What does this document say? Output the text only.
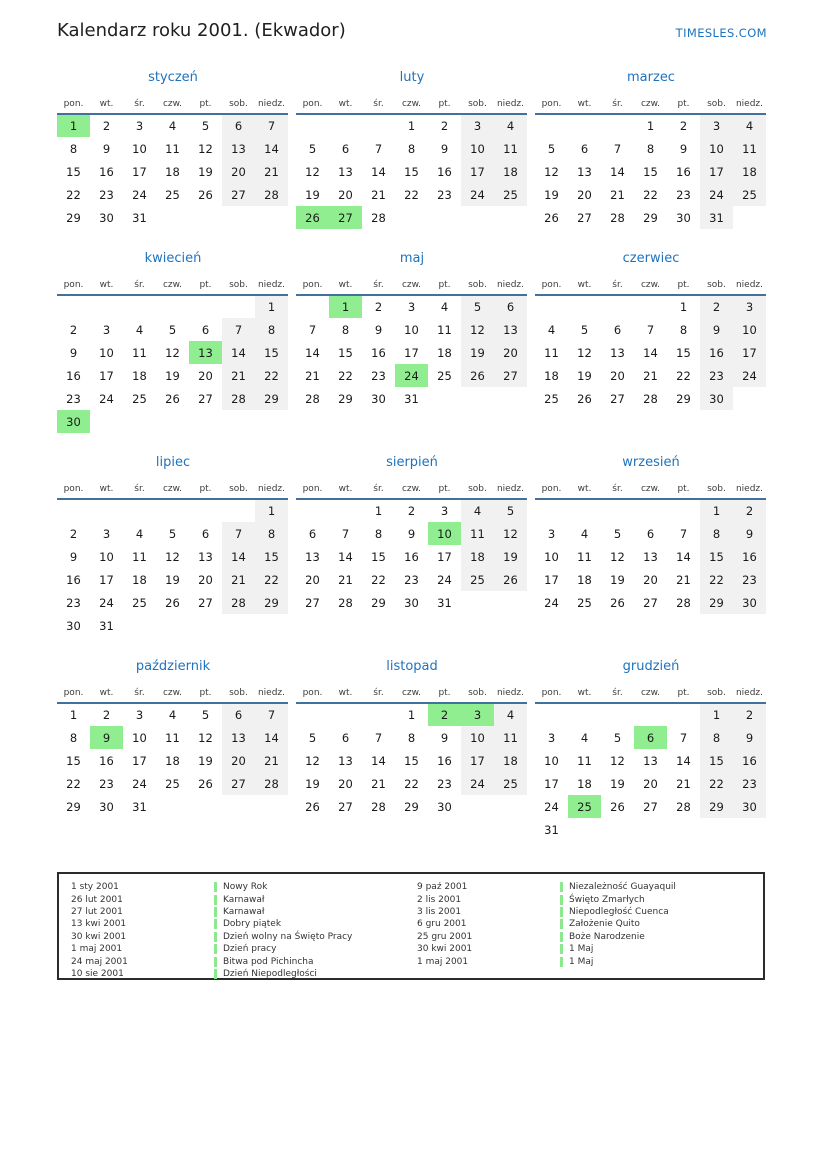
Kalendarz roku 2001. (Ekwador)	TIMESLES.COM
styczeń
pon.	wt.	śr.	czw.	pt.	sob.	niedz.
1	2	3	4	5	6	7
8	9	10	11	12	13	14
15	16	17	18	19	20	21
22	23	24	25	26	27	28
29	30	31				
luty
pon.	wt.	śr.	czw.	pt.	sob.	niedz.
			1	2	3	4
5	6	7	8	9	10	11
12	13	14	15	16	17	18
19	20	21	22	23	24	25
26	27	28				
marzec
pon.	wt.	śr.	czw.	pt.	sob.	niedz.
			1	2	3	4
5	6	7	8	9	10	11
12	13	14	15	16	17	18
19	20	21	22	23	24	25
26	27	28	29	30	31	
kwiecień
pon.	wt.	śr.	czw.	pt.	sob.	niedz.
						1
2	3	4	5	6	7	8
9	10	11	12	13	14	15
16	17	18	19	20	21	22
23	24	25	26	27	28	29
30						
maj
pon.	wt.	śr.	czw.	pt.	sob.	niedz.
	1	2	3	4	5	6
7	8	9	10	11	12	13
14	15	16	17	18	19	20
21	22	23	24	25	26	27
28	29	30	31			
czerwiec
pon.	wt.	śr.	czw.	pt.	sob.	niedz.
				1	2	3
4	5	6	7	8	9	10
11	12	13	14	15	16	17
18	19	20	21	22	23	24
25	26	27	28	29	30	
lipiec
pon.	wt.	śr.	czw.	pt.	sob.	niedz.
						1
2	3	4	5	6	7	8
9	10	11	12	13	14	15
16	17	18	19	20	21	22
23	24	25	26	27	28	29
30	31					
sierpień
pon.	wt.	śr.	czw.	pt.	sob.	niedz.
		1	2	3	4	5
6	7	8	9	10	11	12
13	14	15	16	17	18	19
20	21	22	23	24	25	26
27	28	29	30	31		
wrzesień
pon.	wt.	śr.	czw.	pt.	sob.	niedz.
					1	2
3	4	5	6	7	8	9
10	11	12	13	14	15	16
17	18	19	20	21	22	23
24	25	26	27	28	29	30
październik
pon.	wt.	śr.	czw.	pt.	sob.	niedz.
1	2	3	4	5	6	7
8	9	10	11	12	13	14
15	16	17	18	19	20	21
22	23	24	25	26	27	28
29	30	31				
listopad
pon.	wt.	śr.	czw.	pt.	sob.	niedz.
			1	2	3	4
5	6	7	8	9	10	11
12	13	14	15	16	17	18
19	20	21	22	23	24	25
26	27	28	29	30		
grudzień
pon.	wt.	śr.	czw.	pt.	sob.	niedz.
					1	2
3	4	5	6	7	8	9
10	11	12	13	14	15	16
17	18	19	20	21	22	23
24	25	26	27	28	29	30
31						
1 sty 2001	Nowy Rok
26 lut 2001	Karnawał
27 lut 2001	Karnawał
13 kwi 2001	Dobry piątek
30 kwi 2001	Dzień wolny na Święto Pracy
1 maj 2001	Dzień pracy
24 maj 2001	Bitwa pod Pichincha
10 sie 2001	Dzień Niepodległości
9 paź 2001	Niezależność Guayaquil
2 lis 2001	Święto Zmarłych
3 lis 2001	Niepodległość Cuenca
6 gru 2001	Założenie Quito
25 gru 2001	Boże Narodzenie
30 kwi 2001	1 Maj
1 maj 2001	1 Maj
